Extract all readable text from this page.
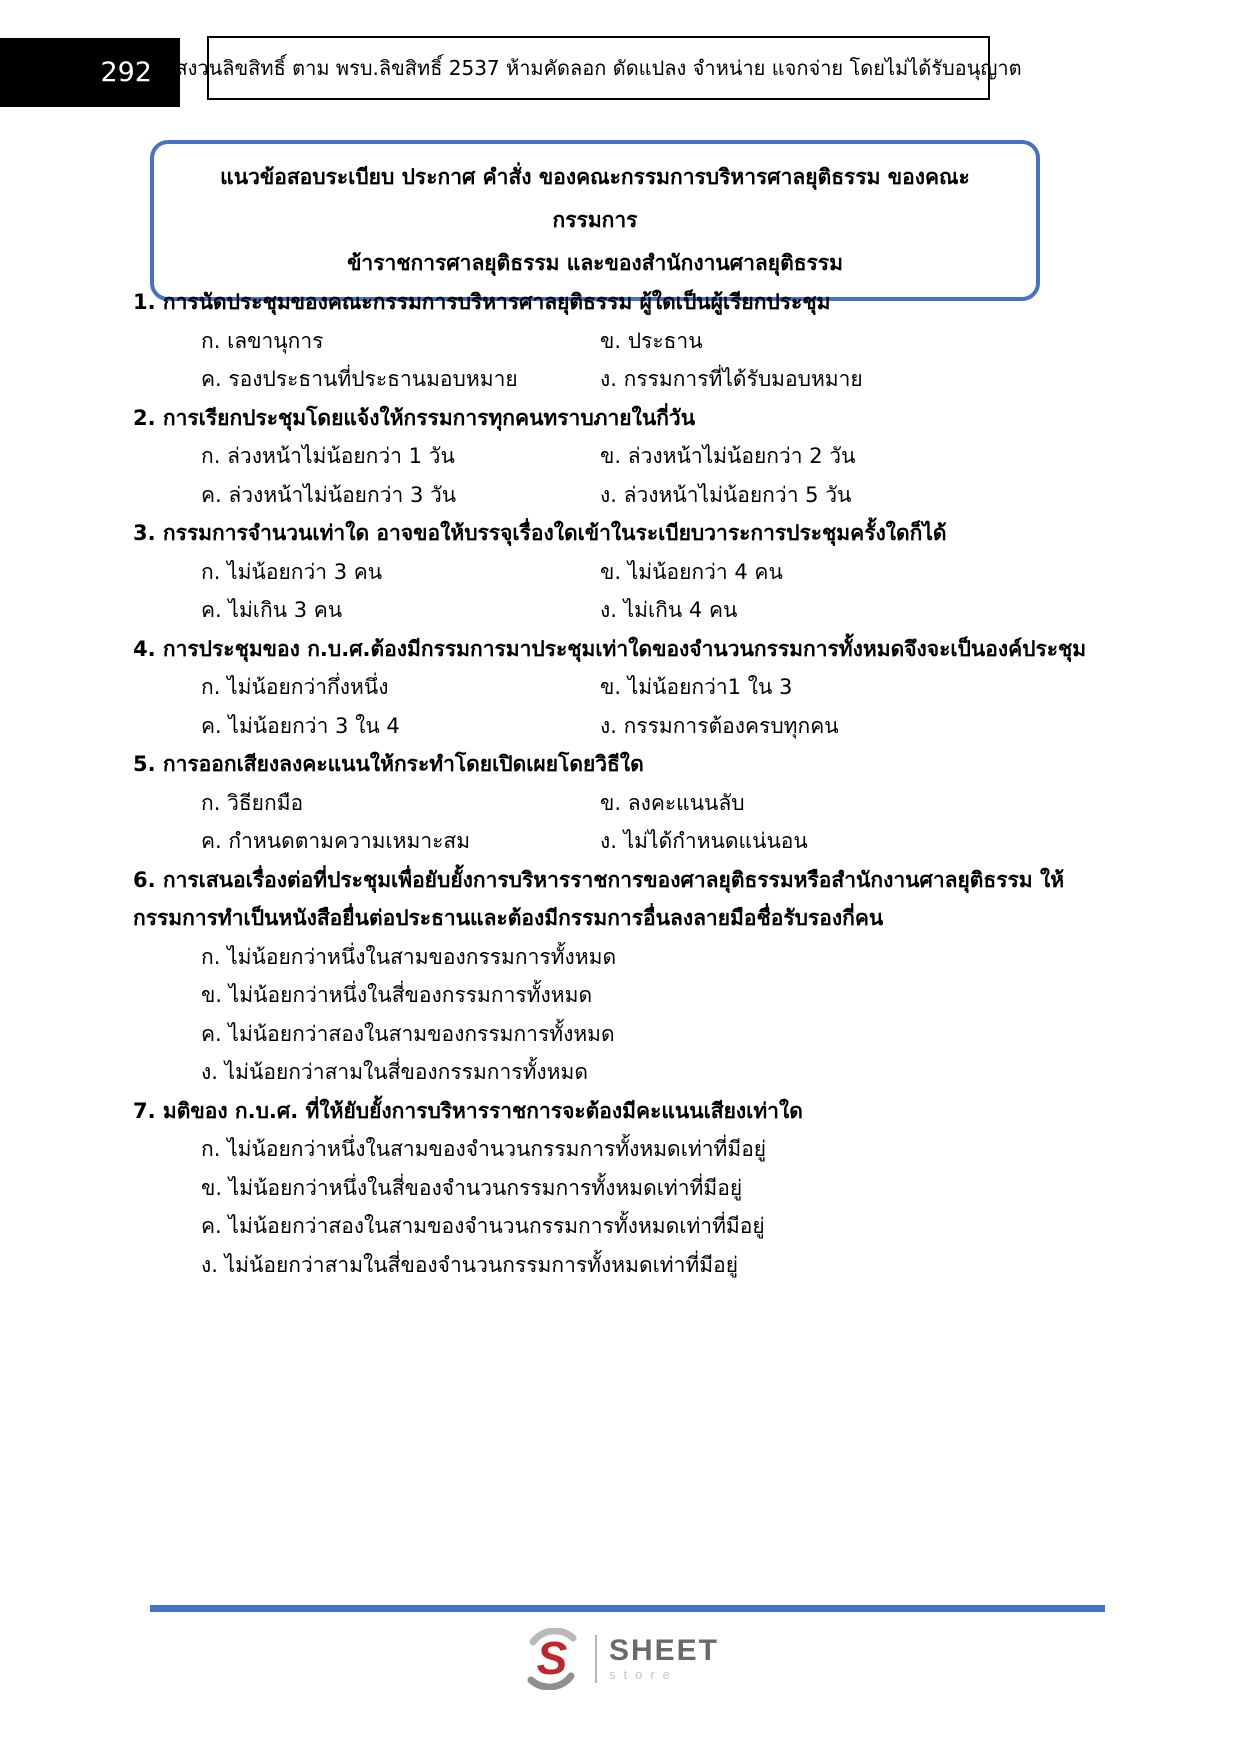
292	สงวนลิขสิทธิ์ ตาม พรบ.ลิขสิทธิ์ 2537 ห้ามคัดลอก ดัดแปลง จำหน่าย แจกจ่าย โดยไม่ได้รับอนุญาต
แนวข้อสอบระเบียบ ประกาศ คำสั่ง ของคณะกรรมการบริหารศาลยุติธรรม ของคณะกรรมการ
ข้าราชการศาลยุติธรรม และของสำนักงานศาลยุติธรรม
1. การนัดประชุมของคณะกรรมการบริหารศาลยุติธรรม ผู้ใดเป็นผู้เรียกประชุม
ก. เลขานุการ	ข. ประธาน
ค. รองประธานที่ประธานมอบหมาย	ง. กรรมการที่ได้รับมอบหมาย
2. การเรียกประชุมโดยแจ้งให้กรรมการทุกคนทราบภายในกี่วัน
ก. ล่วงหน้าไม่น้อยกว่า 1 วัน	ข. ล่วงหน้าไม่น้อยกว่า 2 วัน
ค. ล่วงหน้าไม่น้อยกว่า 3 วัน	ง. ล่วงหน้าไม่น้อยกว่า 5 วัน
3. กรรมการจำนวนเท่าใด อาจขอให้บรรจุเรื่องใดเข้าในระเบียบวาระการประชุมครั้งใดก็ได้
ก. ไม่น้อยกว่า 3 คน	ข. ไม่น้อยกว่า 4 คน
ค. ไม่เกิน 3 คน	ง. ไม่เกิน 4 คน
4. การประชุมของ ก.บ.ศ.ต้องมีกรรมการมาประชุมเท่าใดของจำนวนกรรมการทั้งหมดจึงจะเป็นองค์ประชุม
ก. ไม่น้อยกว่ากึ่งหนึ่ง	ข. ไม่น้อยกว่า1 ใน 3
ค. ไม่น้อยกว่า 3 ใน 4	ง. กรรมการต้องครบทุกคน
5. การออกเสียงลงคะแนนให้กระทำโดยเปิดเผยโดยวิธีใด
ก. วิธียกมือ	ข. ลงคะแนนลับ
ค. กำหนดตามความเหมาะสม	ง. ไม่ได้กำหนดแน่นอน
6. การเสนอเรื่องต่อที่ประชุมเพื่อยับยั้งการบริหารราชการของศาลยุติธรรมหรือสำนักงานศาลยุติธรรม ให้กรรมการทำเป็นหนังสือยื่นต่อประธานและต้องมีกรรมการอื่นลงลายมือชื่อรับรองกี่คน
ก. ไม่น้อยกว่าหนึ่งในสามของกรรมการทั้งหมด
ข. ไม่น้อยกว่าหนึ่งในสี่ของกรรมการทั้งหมด
ค. ไม่น้อยกว่าสองในสามของกรรมการทั้งหมด
ง. ไม่น้อยกว่าสามในสี่ของกรรมการทั้งหมด
7. มติของ ก.บ.ศ. ที่ให้ยับยั้งการบริหารราชการจะต้องมีคะแนนเสียงเท่าใด
ก. ไม่น้อยกว่าหนึ่งในสามของจำนวนกรรมการทั้งหมดเท่าที่มีอยู่
ข. ไม่น้อยกว่าหนึ่งในสี่ของจำนวนกรรมการทั้งหมดเท่าที่มีอยู่
ค. ไม่น้อยกว่าสองในสามของจำนวนกรรมการทั้งหมดเท่าที่มีอยู่
ง. ไม่น้อยกว่าสามในสี่ของจำนวนกรรมการทั้งหมดเท่าที่มีอยู่
S SHEET
store
